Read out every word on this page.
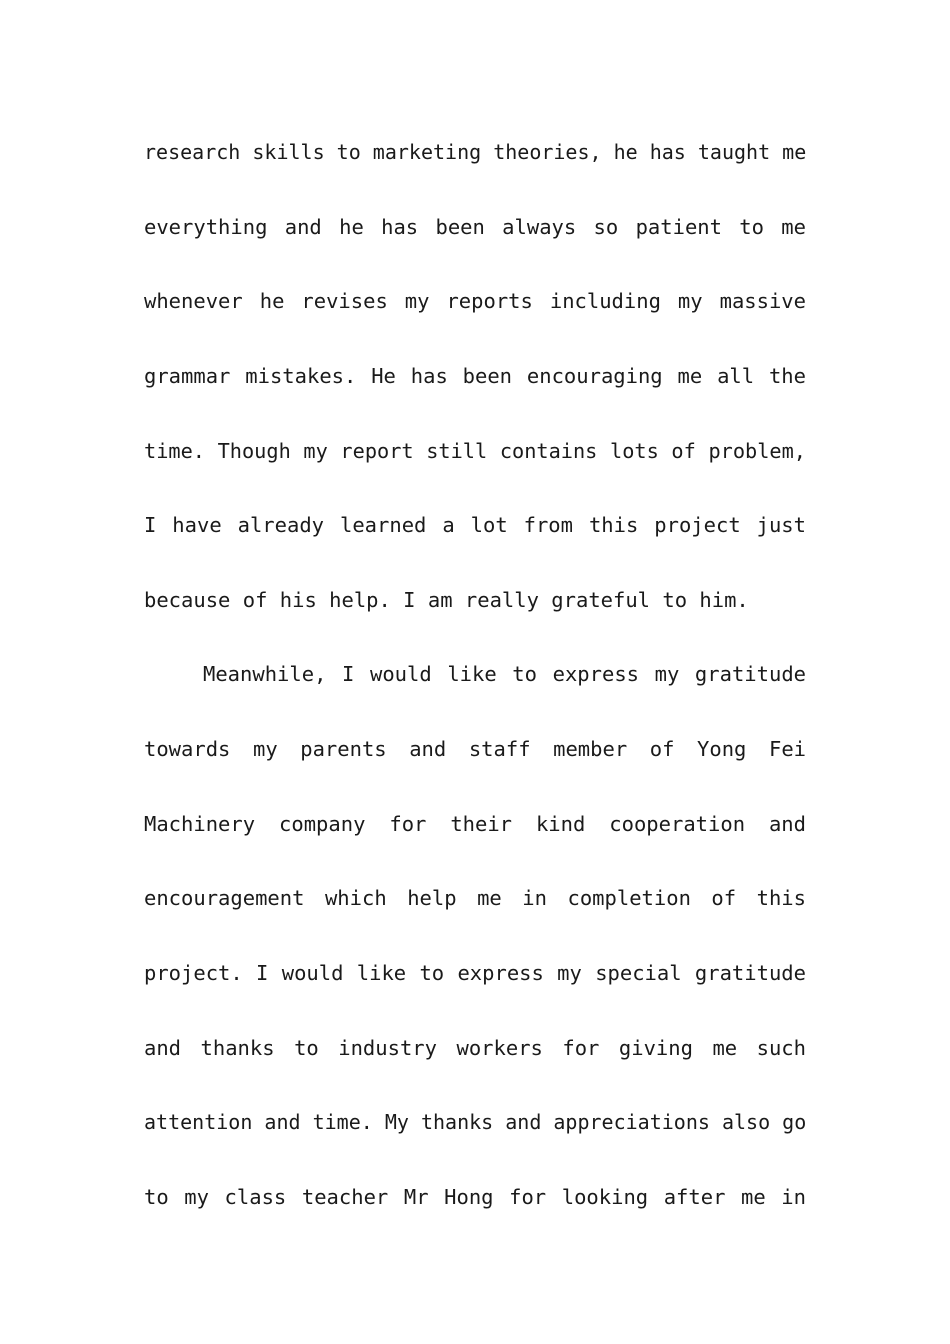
research skills to marketing theories, he has taught me

everything and he has been always so patient to me

whenever he revises my reports including my massive

grammar mistakes. He has been encouraging me all the

time. Though my report still contains lots of problem,

I have already learned a lot from this project just

because of his help. I am really grateful to him.

Meanwhile, I would like to express my gratitude

towards my parents and staff member of Yong Fei

Machinery company for their kind cooperation and

encouragement which help me in completion of this

project. I would like to express my special gratitude

and thanks to industry workers for giving me such

attention and time. My thanks and appreciations also go

to my class teacher Mr Hong for looking after me in
